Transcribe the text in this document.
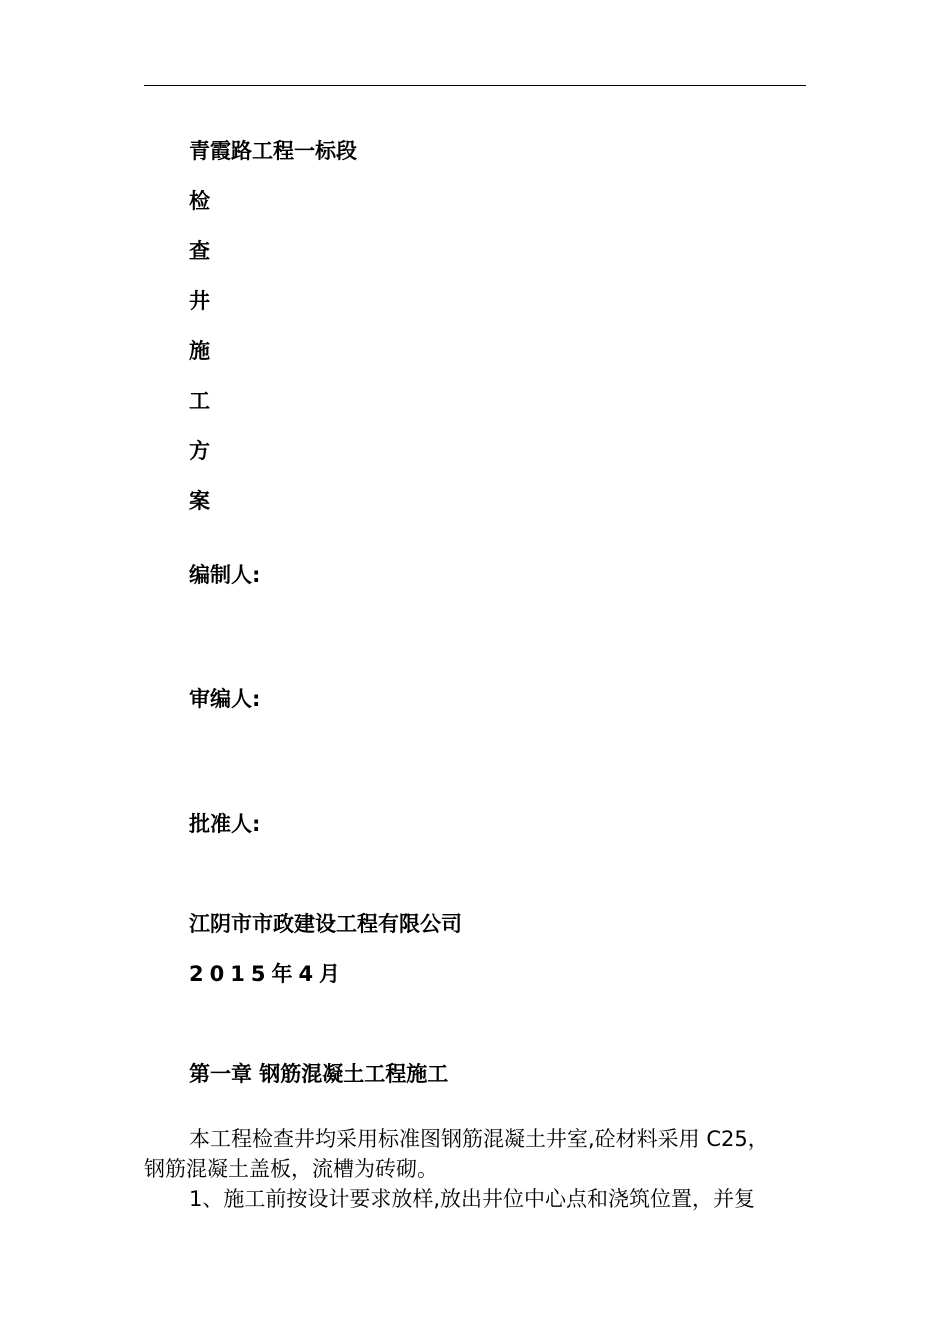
青霞路工程一标段
检
查
井
施
工
方
案
编制人:
审编人:
批准人:
江阴市市政建设工程有限公司
2015年4月
第一章 钢筋混凝土工程施工
本工程检查井均采用标准图钢筋混凝土井室,砼材料采用 C25，
钢筋混凝土盖板，流槽为砖砌。
1、施工前按设计要求放样,放出井位中心点和浇筑位置，并复
